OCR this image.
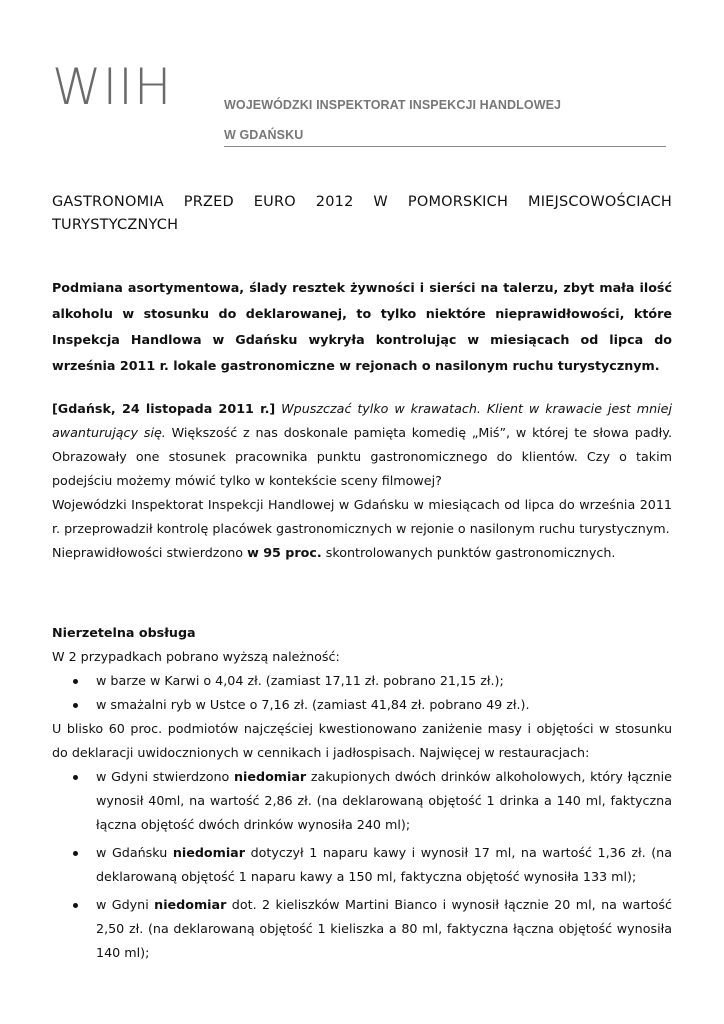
WIIH	WOJEWÓDZKI INSPEKTORAT INSPEKCJI HANDLOWEJ
W GDAŃSKU
GASTRONOMIA PRZED EURO 2012 W POMORSKICH MIEJSCOWOŚCIACH TURYSTYCZNYCH
Podmiana asortymentowa, ślady resztek żywności i sierści na talerzu, zbyt mała ilość alkoholu w stosunku do deklarowanej, to tylko niektóre nieprawidłowości, które Inspekcja Handlowa w Gdańsku wykryła kontrolując w miesiącach od lipca do września 2011 r. lokale gastronomiczne w rejonach o nasilonym ruchu turystycznym.

[Gdańsk, 24 listopada 2011 r.] Wpuszczać tylko w krawatach. Klient w krawacie jest mniej awanturujący się. Większość z nas doskonale pamięta komedię „Miś”, w której te słowa padły. Obrazowały one stosunek pracownika punktu gastronomicznego do klientów. Czy o takim podejściu możemy mówić tylko w kontekście sceny filmowej?

Wojewódzki Inspektorat Inspekcji Handlowej w Gdańsku w miesiącach od lipca do września 2011 r. przeprowadził kontrolę placówek gastronomicznych w rejonie o nasilonym ruchu turystycznym.

Nieprawidłowości stwierdzono w 95 proc. skontrolowanych punktów gastronomicznych.

Nierzetelna obsługa

W 2 przypadkach pobrano wyższą należność:

w barze w Karwi o 4,04 zł. (zamiast 17,11 zł. pobrano 21,15 zł.);
w smażalni ryb w Ustce o 7,16 zł. (zamiast 41,84 zł. pobrano 49 zł.).

U blisko 60 proc. podmiotów najczęściej kwestionowano zaniżenie masy i objętości w stosunku do deklaracji uwidocznionych w cennikach i jadłospisach. Najwięcej w restauracjach:

w Gdyni stwierdzono niedomiar zakupionych dwóch drinków alkoholowych, który łącznie wynosił 40ml, na wartość 2,86 zł. (na deklarowaną objętość 1 drinka a 140 ml, faktyczna łączna objętość dwóch drinków wynosiła 240 ml);
w Gdańsku niedomiar dotyczył 1 naparu kawy i wynosił 17 ml, na wartość 1,36 zł. (na deklarowaną objętość 1 naparu kawy a 150 ml, faktyczna objętość wynosiła 133 ml);
w Gdyni niedomiar dot. 2 kieliszków Martini Bianco i wynosił łącznie 20 ml, na wartość 2,50 zł. (na deklarowaną objętość 1 kieliszka a 80 ml, faktyczna łączna objętość wynosiła 140 ml);
